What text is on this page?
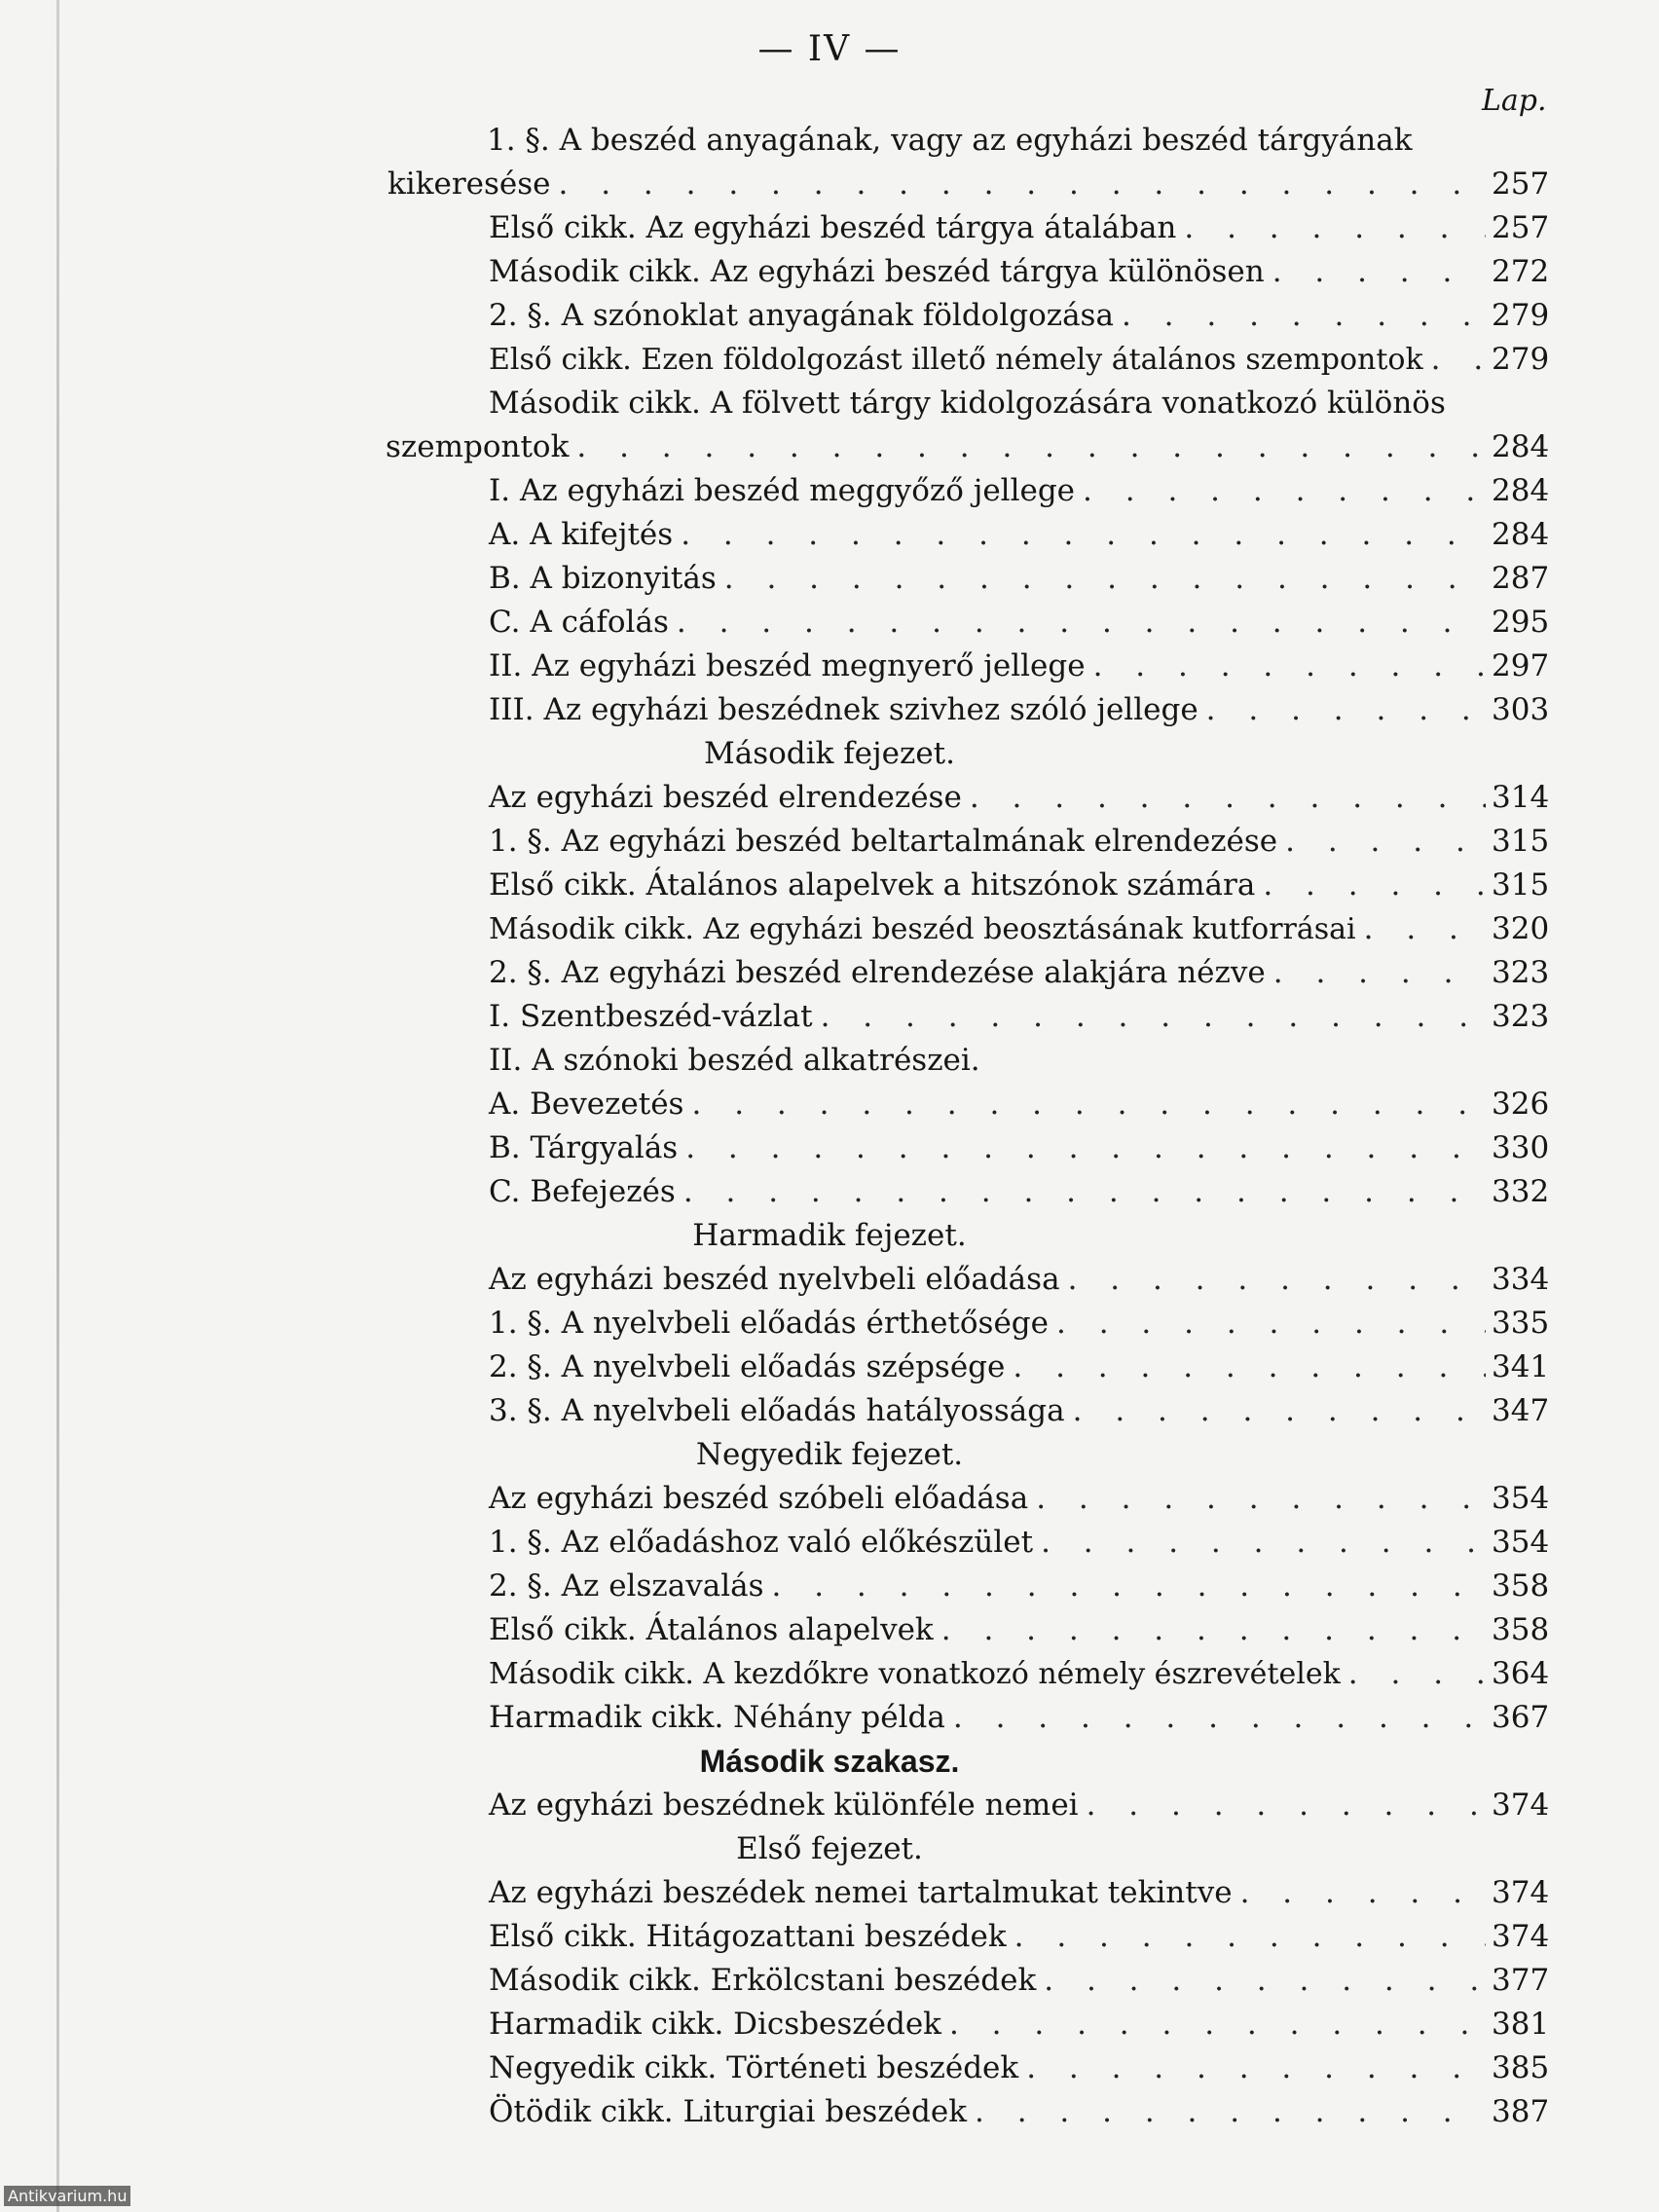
— IV —
Lap.
1. §. A beszéd anyagának, vagy az egyházi beszéd tárgyának
kikeresése . . .	257
Első cikk. Az egyházi beszéd tárgya átalában . . .	257
Második cikk. Az egyházi beszéd tárgya különösen . . .	272
2. §. A szónoklat anyagának földolgozása . . .	279
Első cikk. Ezen földolgozást illető némely átalános szempontok . . . 279
Második cikk. A fölvett tárgy kidolgozására vonatkozó különös
szempontok . . .	284
I. Az egyházi beszéd meggyőző jellege . . .	284
A. A kifejtés . . .	284
B. A bizonyitás . . .	287
C. A cáfolás . . .	295
II. Az egyházi beszéd megnyerő jellege . . .	297
III. Az egyházi beszédnek szivhez szóló jellege . . .	303
Második fejezet.
Az egyházi beszéd elrendezése . . .	314
1. §. Az egyházi beszéd beltartalmának elrendezése . . .	315
Első cikk. Átalános alapelvek a hitszónok számára . . .	315
Második cikk. Az egyházi beszéd beosztásának kutforrásai . . .	320
2. §. Az egyházi beszéd elrendezése alakjára nézve . . .	323
I. Szentbeszéd-vázlat . . .	323
II. A szónoki beszéd alkatrészei.
A. Bevezetés . . .	326
B. Tárgyalás . . .	330
C. Befejezés . . .	332
Harmadik fejezet.
Az egyházi beszéd nyelvbeli előadása . . .	334
1. §. A nyelvbeli előadás érthetősége . . .	335
2. §. A nyelvbeli előadás szépsége . . .	341
3. §. A nyelvbeli előadás hatályossága . . .	347
Negyedik fejezet.
Az egyházi beszéd szóbeli előadása . . .	354
1. §. Az előadáshoz való előkészület . . .	354
2. §. Az elszavalás . . .	358
Első cikk. Átalános alapelvek . . .	358
Második cikk. A kezdőkre vonatkozó némely észrevételek . . .	364
Harmadik cikk. Néhány példa . . .	367
Második szakasz.
Az egyházi beszédnek különféle nemei . . .	374
Első fejezet.
Az egyházi beszédek nemei tartalmukat tekintve . . .	374
Első cikk. Hitágozattani beszédek . . .	374
Második cikk. Erkölcstani beszédek . . .	377
Harmadik cikk. Dicsbeszédek . . .	381
Negyedik cikk. Történeti beszédek . . .	385
Ötödik cikk. Liturgiai beszédek . . .	387
Antikvarium.hu
